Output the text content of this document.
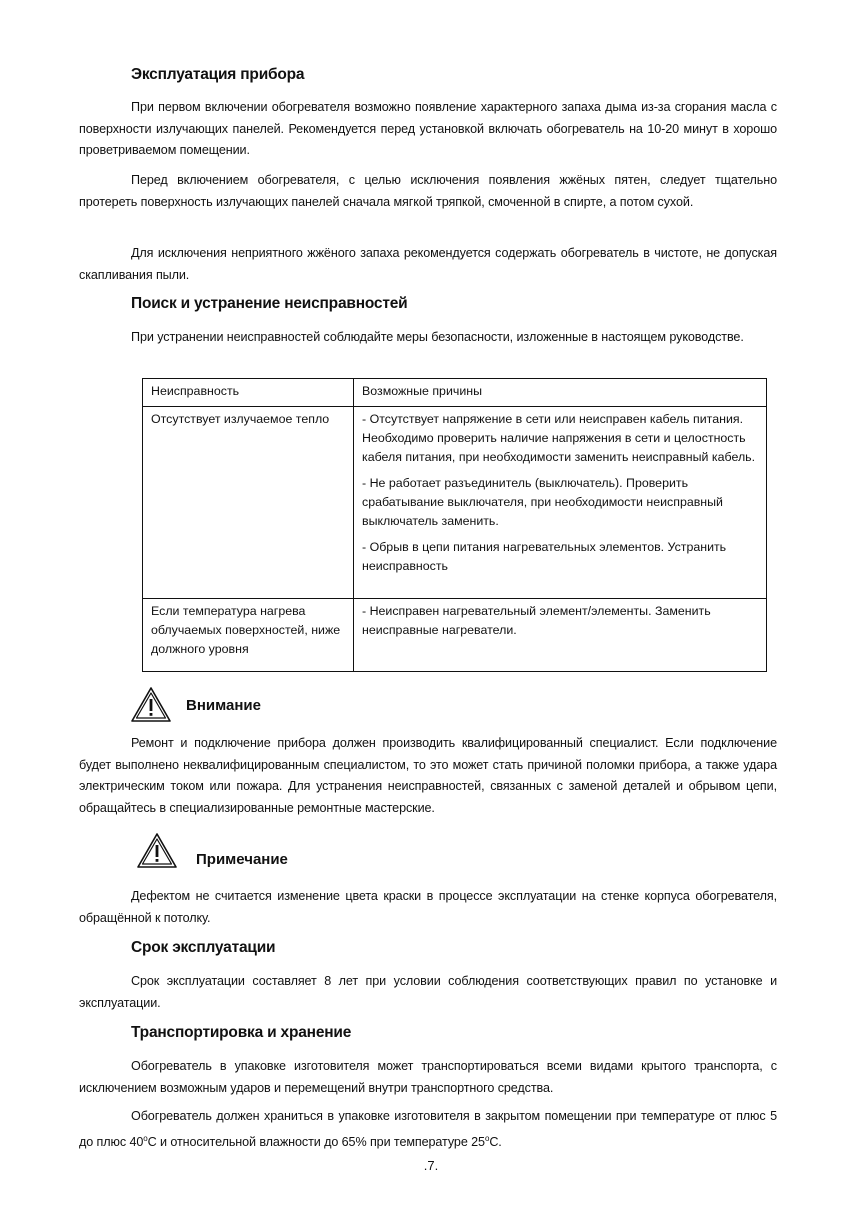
Эксплуатация прибора
При первом включении обогревателя возможно появление характерного запаха дыма из-за сгорания масла с поверхности излучающих панелей. Рекомендуется перед установкой включать обогреватель на 10-20 минут в хорошо проветриваемом помещении.
Перед включением обогревателя, с целью исключения появления жжёных пятен, следует тщательно протереть поверхность излучающих панелей сначала мягкой тряпкой, смоченной в спирте, а потом сухой.
Для исключения неприятного жжёного запаха рекомендуется содержать обогреватель в чистоте, не допуская скапливания пыли.
Поиск и устранение неисправностей
При устранении неисправностей соблюдайте меры безопасности, изложенные в настоящем руководстве.
Неисправность	Возможные причины
Отсутствует излучаемое тепло	- Отсутствует напряжение в сети или неисправен кабель питания. Необходимо проверить наличие напряжения в сети и целостность кабеля питания, при необходимости заменить неисправный кабель.

- Не работает разъединитель (выключатель). Проверить срабатывание выключателя, при необходимости неисправный выключатель заменить.

- Обрыв в цепи питания нагревательных элементов. Устранить неисправность

Если температура нагрева облучаемых поверхностей, ниже должного уровня	- Неисправен нагревательный элемент/элементы. Заменить неисправные нагреватели.

Внимание
Ремонт и подключение прибора должен производить квалифицированный специалист. Если подключение будет выполнено неквалифицированным специалистом, то это может стать причиной поломки прибора, а также удара электрическим током или пожара. Для устранения неисправностей, связанных с заменой деталей и обрывом цепи, обращайтесь в специализированные ремонтные мастерские.
Примечание
Дефектом не считается изменение цвета краски в процессе эксплуатации на стенке корпуса обогревателя, обращённой к потолку.
Срок эксплуатации
Срок эксплуатации составляет 8 лет при условии соблюдения соответствующих правил по установке и эксплуатации.
Транспортировка и хранение
Обогреватель в упаковке изготовителя может транспортироваться всеми видами крытого транспорта, с исключением возможным ударов и перемещений внутри транспортного средства.
Обогреватель должен храниться в упаковке изготовителя в закрытом помещении при температуре от плюс 5 до плюс 40$^o$С и относительной влажности до 65% при температуре 25$^o$С.
.7.
